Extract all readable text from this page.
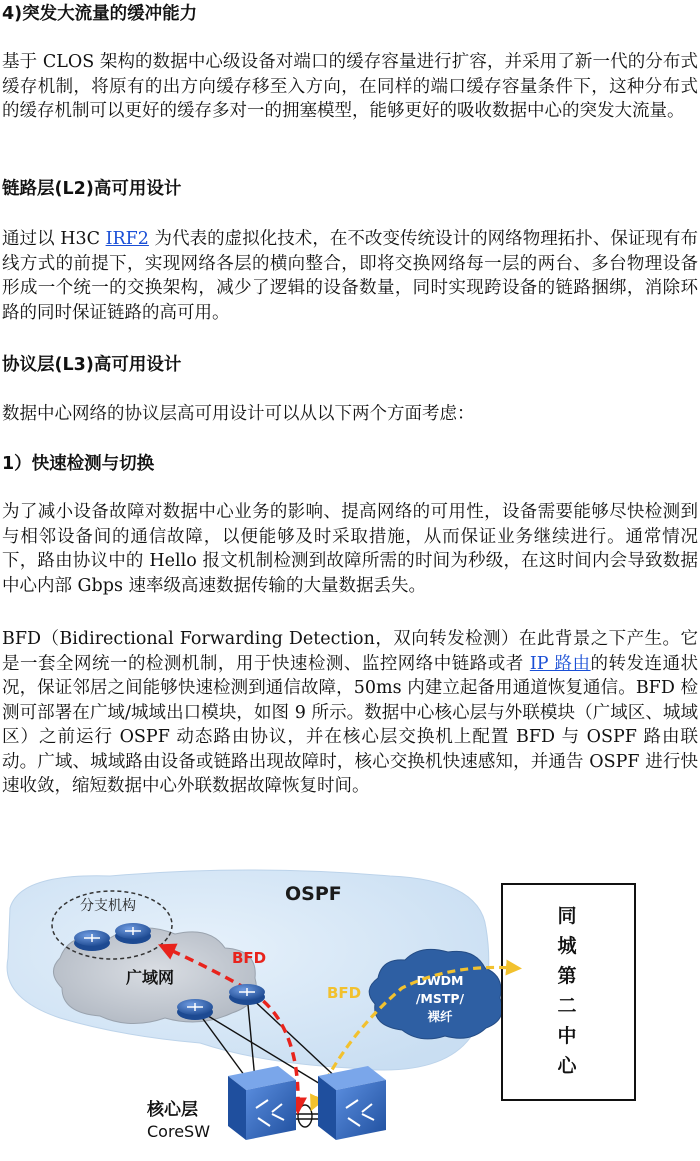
4)突发大流量的缓冲能力

基于 CLOS 架构的数据中心级设备对端口的缓存容量进行扩容，并采用了新一代的分布式缓存机制，将原有的出方向缓存移至入方向，在同样的端口缓存容量条件下，这种分布式的缓存机制可以更好的缓存多对一的拥塞模型，能够更好的吸收数据中心的突发大流量。

链路层(L2)高可用设计

通过以 H3C IRF2 为代表的虚拟化技术，在不改变传统设计的网络物理拓扑、保证现有布线方式的前提下，实现网络各层的横向整合，即将交换网络每一层的两台、多台物理设备形成一个统一的交换架构，减少了逻辑的设备数量，同时实现跨设备的链路捆绑，消除环路的同时保证链路的高可用。

协议层(L3)高可用设计

数据中心网络的协议层高可用设计可以从以下两个方面考虑：

1）快速检测与切换

为了减小设备故障对数据中心业务的影响、提高网络的可用性，设备需要能够尽快检测到与相邻设备间的通信故障，以便能够及时采取措施，从而保证业务继续进行。通常情况下，路由协议中的 Hello 报文机制检测到故障所需的时间为秒级，在这时间内会导致数据中心内部 Gbps 速率级高速数据传输的大量数据丢失。

BFD（Bidirectional Forwarding Detection，双向转发检测）在此背景之下产生。它是一套全网统一的检测机制，用于快速检测、监控网络中链路或者 IP 路由的转发连通状况，保证邻居之间能够快速检测到通信故障，50ms 内建立起备用通道恢复通信。BFD 检测可部署在广域/城域出口模块，如图 9 所示。数据中心核心层与外联模块（广域区、城域区）之前运行 OSPF 动态路由协议，并在核心层交换机上配置 BFD 与 OSPF 路由联动。广域、城域路由设备或链路出现故障时，核心交换机快速感知，并通告 OSPF 进行快速收敛，缩短数据中心外联数据故障恢复时间。

OSPF
广域网
分支机构
DWDM
/MSTP/
裸纤
同
城
第
二
中
心
BFD
BFD
核心层
CoreSW
